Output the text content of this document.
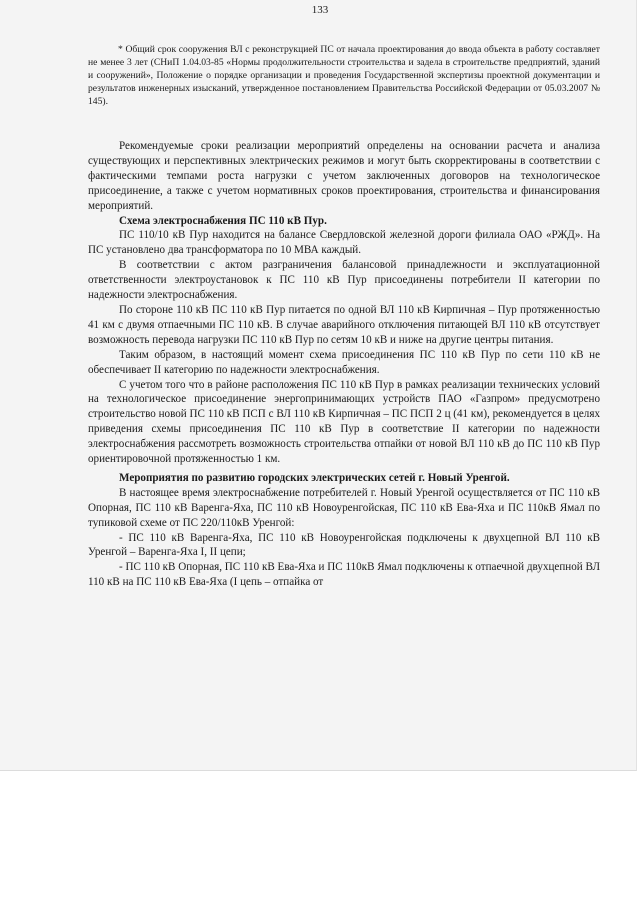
133
* Общий срок сооружения ВЛ с реконструкцией ПС от начала проектирования до ввода объекта в работу составляет не менее 3 лет (СНиП 1.04.03-85 «Нормы продолжительности строительства и задела в строительстве предприятий, зданий и сооружений», Положение о порядке организации и проведения Государственной экспертизы проектной документации и результатов инженерных изысканий, утвержденное постановлением Правительства Российской Федерации от 05.03.2007 № 145).

Рекомендуемые сроки реализации мероприятий определены на основании расчета и анализа существующих и перспективных электрических режимов и могут быть скорректированы в соответствии с фактическими темпами роста нагрузки с учетом заключенных договоров на технологическое присоединение, а также с учетом нормативных сроков проектирования, строительства и финансирования мероприятий.

Схема электроснабжения ПС 110 кВ Пур.

ПС 110/10 кВ Пур находится на балансе Свердловской железной дороги филиала ОАО «РЖД». На ПС установлено два трансформатора по 10 МВА каждый.

В соответствии с актом разграничения балансовой принадлежности и эксплуатационной ответственности электроустановок к ПС 110 кВ Пур присоединены потребители II категории по надежности электроснабжения.

По стороне 110 кВ ПС 110 кВ Пур питается по одной ВЛ 110 кВ Кирпичная – Пур протяженностью 41 км с двумя отпаечными ПС 110 кВ. В случае аварийного отключения питающей ВЛ 110 кВ отсутствует возможность перевода нагрузки ПС 110 кВ Пур по сетям 10 кВ и ниже на другие центры питания.

Таким образом, в настоящий момент схема присоединения ПС 110 кВ Пур по сети 110 кВ не обеспечивает II категорию по надежности электроснабжения.

С учетом того что в районе расположения ПС 110 кВ Пур в рамках реализации технических условий на технологическое присоединение энергопринимающих устройств ПАО «Газпром» предусмотрено строительство новой ПС 110 кВ ПСП с ВЛ 110 кВ Кирпичная – ПС ПСП 2 ц (41 км), рекомендуется в целях приведения схемы присоединения ПС 110 кВ Пур в соответствие II категории по надежности электроснабжения рассмотреть возможность строительства отпайки от новой ВЛ 110 кВ до ПС 110 кВ Пур ориентировочной протяженностью 1 км.

Мероприятия по развитию городских электрических сетей г. Новый Уренгой.

В настоящее время электроснабжение потребителей г. Новый Уренгой осуществляется от ПС 110 кВ Опорная, ПС 110 кВ Варенга-Яха, ПС 110 кВ Новоуренгойская, ПС 110 кВ Ева-Яха и ПС 110кВ Ямал по тупиковой схеме от ПС 220/110кВ Уренгой:

- ПС 110 кВ Варенга-Яха, ПС 110 кВ Новоуренгойская подключены к двухцепной ВЛ 110 кВ Уренгой – Варенга-Яха I, II цепи;

- ПС 110 кВ Опорная, ПС 110 кВ Ева-Яха и ПС 110кВ Ямал подключены к отпаечной двухцепной ВЛ 110 кВ на ПС 110 кВ Ева-Яха (I цепь – отпайка от
